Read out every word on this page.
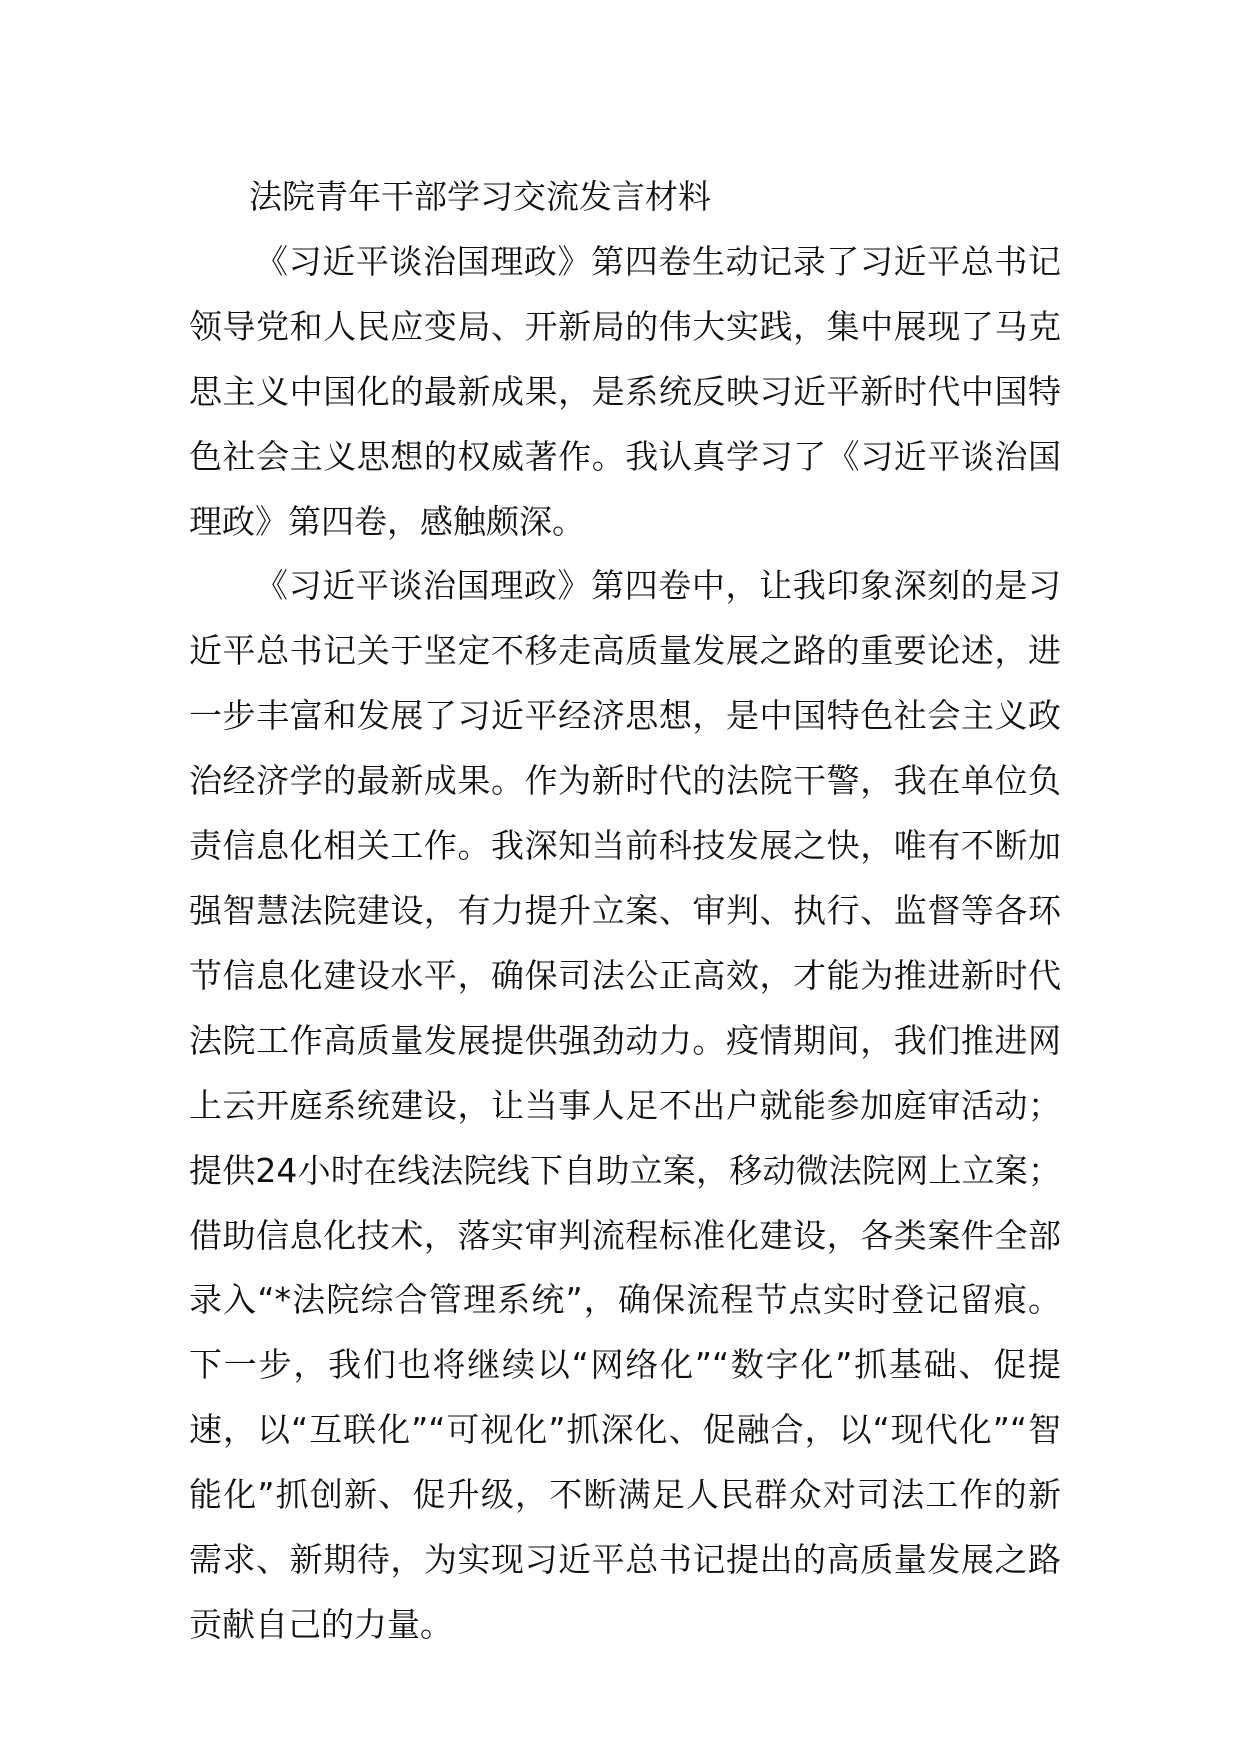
法院青年干部学习交流发言材料

《习近平谈治国理政》第四卷生动记录了习近平总书记领导党和人民应变局、开新局的伟大实践，集中展现了马克思主义中国化的最新成果，是系统反映习近平新时代中国特色社会主义思想的权威著作。我认真学习了《习近平谈治国理政》第四卷，感触颇深。

《习近平谈治国理政》第四卷中，让我印象深刻的是习近平总书记关于坚定不移走高质量发展之路的重要论述，进一步丰富和发展了习近平经济思想，是中国特色社会主义政治经济学的最新成果。作为新时代的法院干警，我在单位负责信息化相关工作。我深知当前科技发展之快，唯有不断加强智慧法院建设，有力提升立案、审判、执行、监督等各环节信息化建设水平，确保司法公正高效，才能为推进新时代法院工作高质量发展提供强劲动力。疫情期间，我们推进网上云开庭系统建设，让当事人足不出户就能参加庭审活动；提供24小时在线法院线下自助立案，移动微法院网上立案；借助信息化技术，落实审判流程标准化建设，各类案件全部录入“*法院综合管理系统”，确保流程节点实时登记留痕。下一步，我们也将继续以“网络化”“数字化”抓基础、促提速，以“互联化”“可视化”抓深化、促融合，以“现代化”“智能化”抓创新、促升级，不断满足人民群众对司法工作的新需求、新期待，为实现习近平总书记提出的高质量发展之路贡献自己的力量。
